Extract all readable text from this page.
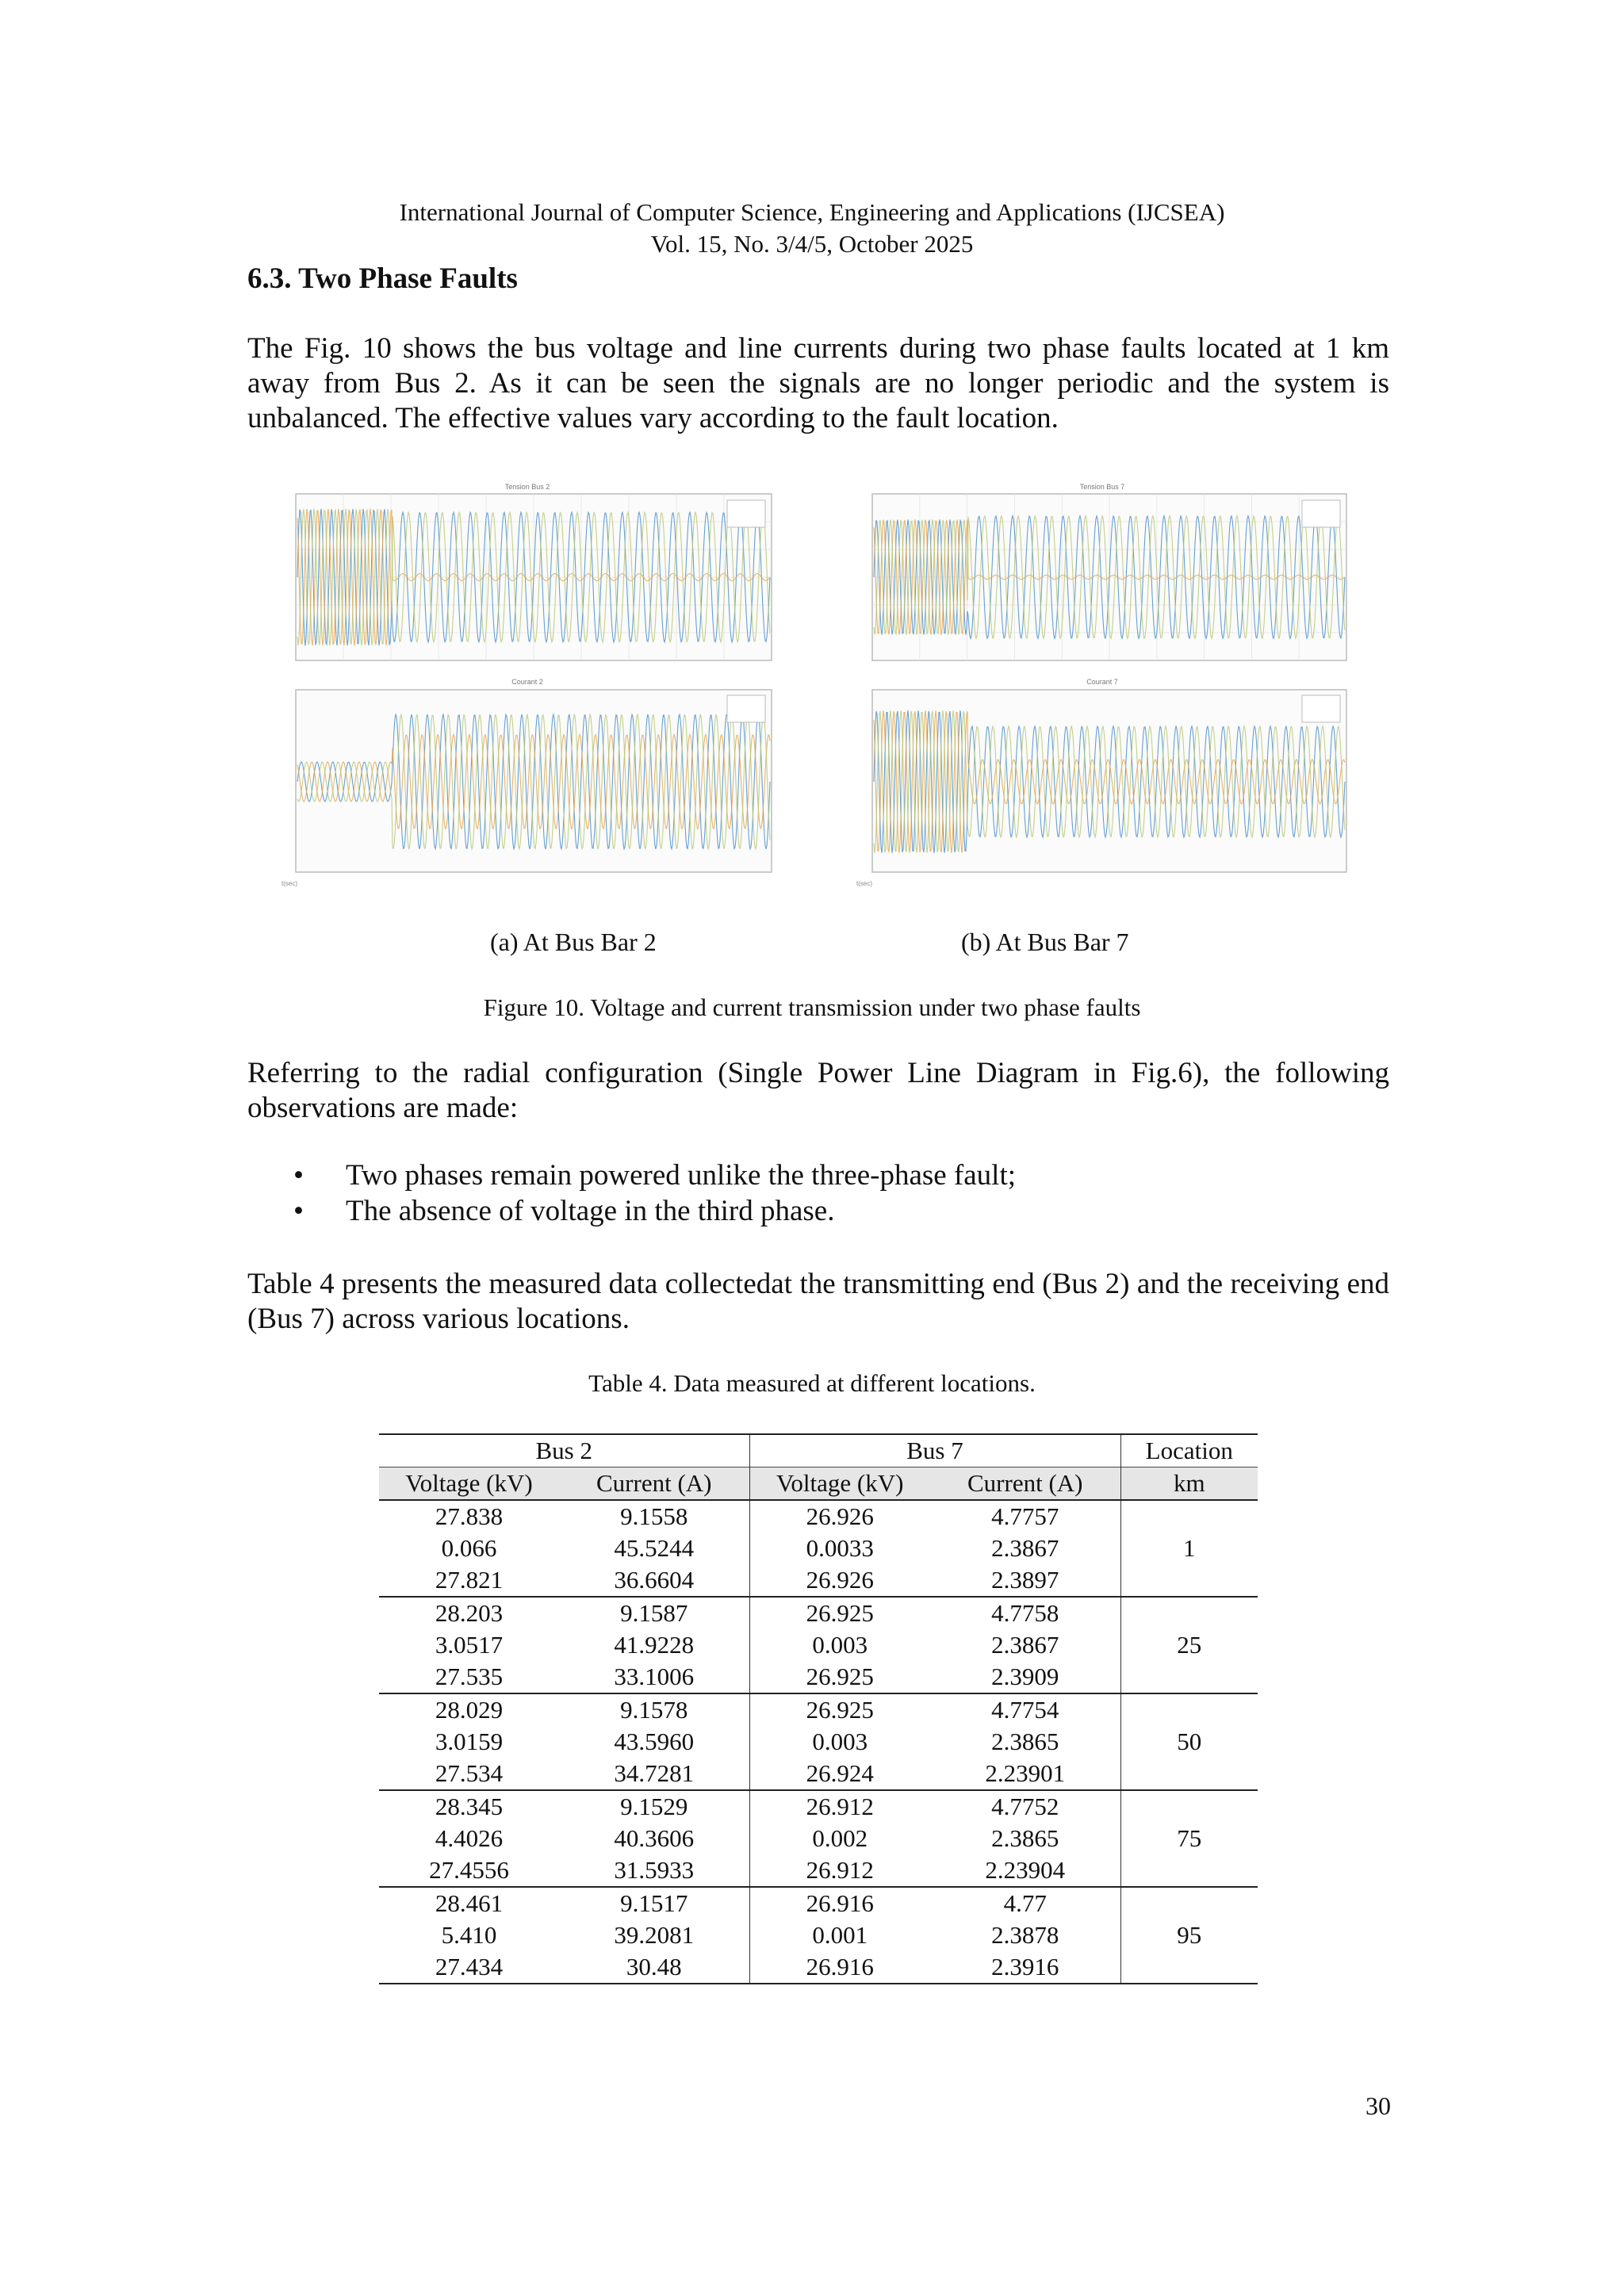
International Journal of Computer Science, Engineering and Applications (IJCSEA)
Vol. 15, No. 3/4/5, October 2025
6.3. Two Phase Faults
The Fig. 10 shows the bus voltage and line currents during two phase faults located at 1 km away from Bus 2. As it can be seen the signals are no longer periodic and the system is unbalanced. The effective values vary according to the fault location.
Tension Bus 2
Courant 2
t(sec)
Tension Bus 7
Courant 7
t(sec)
(a) At Bus Bar 2	(b) At Bus Bar 7
Figure 10. Voltage and current transmission under two phase faults
Referring to the radial configuration (Single Power Line Diagram in Fig.6), the following observations are made:
• Two phases remain powered unlike the three-phase fault;
• The absence of voltage in the third phase.
Table 4 presents the measured data collectedat the transmitting end (Bus 2) and the receiving end (Bus 7) across various locations.
Table 4. Data measured at different locations.
Bus 2		Bus 7		Location
Voltage (kV)	Current (A)	Voltage (kV)	Current (A)	km
27.838	9.1558	26.926	4.7757	1
0.066	45.5244	0.0033	2.3867	
27.821	36.6604	26.926	2.3897	
28.203	9.1587	26.925	4.7758	25
3.0517	41.9228	0.003	2.3867	
27.535	33.1006	26.925	2.3909	
28.029	9.1578	26.925	4.7754	50
3.0159	43.5960	0.003	2.3865	
27.534	34.7281	26.924	2.23901	
28.345	9.1529	26.912	4.7752	75
4.4026	40.3606	0.002	2.3865	
27.4556	31.5933	26.912	2.23904	
28.461	9.1517	26.916	4.77	95
5.410	39.2081	0.001	2.3878	
27.434	30.48	26.916	2.3916	
30
